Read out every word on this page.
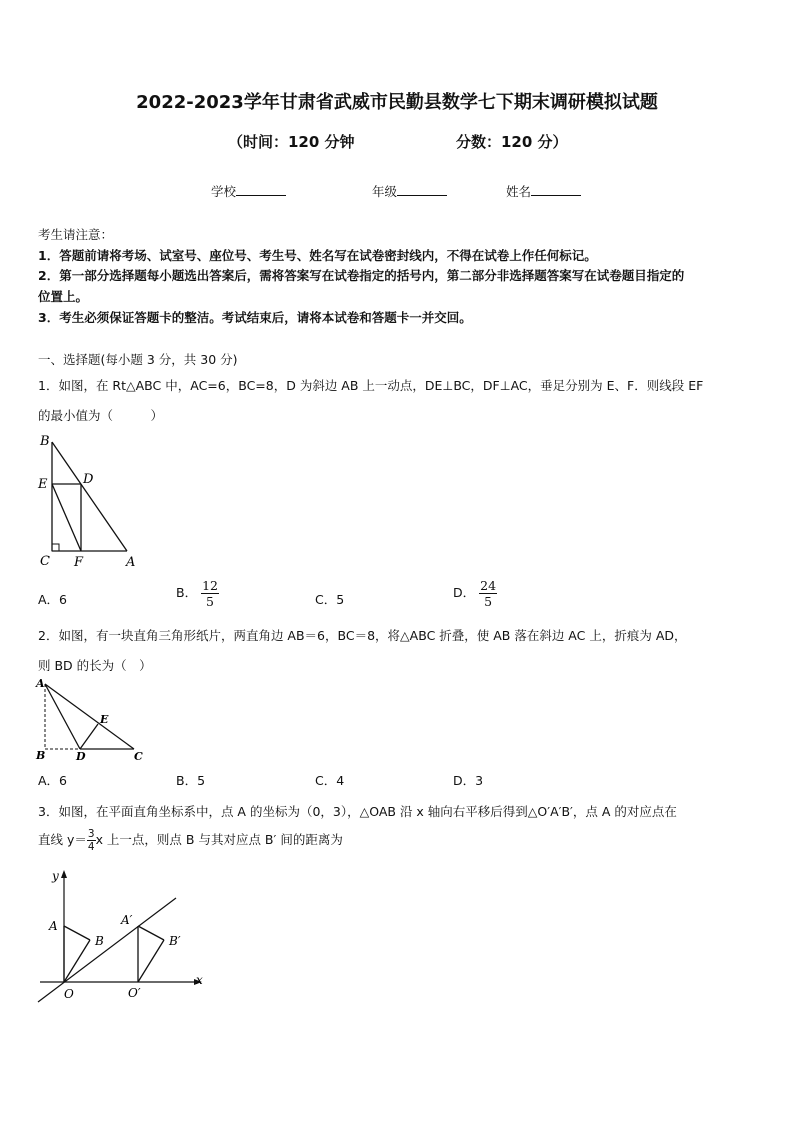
2022-2023学年甘肃省武威市民勤县数学七下期末调研模拟试题
（时间：120 分钟	分数：120 分）
学校	年级	姓名
考生请注意：
1．答题前请将考场、试室号、座位号、考生号、姓名写在试卷密封线内，不得在试卷上作任何标记。
2．第一部分选择题每小题选出答案后，需将答案写在试卷指定的括号内，第二部分非选择题答案写在试卷题目指定的
位置上。
3．考生必须保证答题卡的整洁。考试结束后，请将本试卷和答题卡一并交回。
一、选择题(每小题 3 分，共 30 分)
1．如图，在 Rt△ABC 中，AC=6，BC=8，D 为斜边 AB 上一动点，DE⊥BC，DF⊥AC，垂足分别为 E、F．则线段 EF
的最小值为（　　　）
B
E	D
C F	A
A．6	B． $\frac{12}{5}$	C．5	D． $\frac{24}{5}$
2．如图，有一块直角三角形纸片，两直角边 AB＝6，BC＝8，将△ABC 折叠，使 AB 落在斜边 AC 上，折痕为 AD，
则 BD 的长为（　）
A
E
B	D	C
A．6	B．5	C．4	D．3
3．如图，在平面直角坐标系中，点 A 的坐标为（0，3），△OAB 沿 x 轴向右平移后得到△O′A′B′，点 A 的对应点在
直线 $y= \frac{3}{4}$ x 上一点，则点 B 与其对应点 B′ 间的距离为
y
x
A
B
O
A′
B′
O′
